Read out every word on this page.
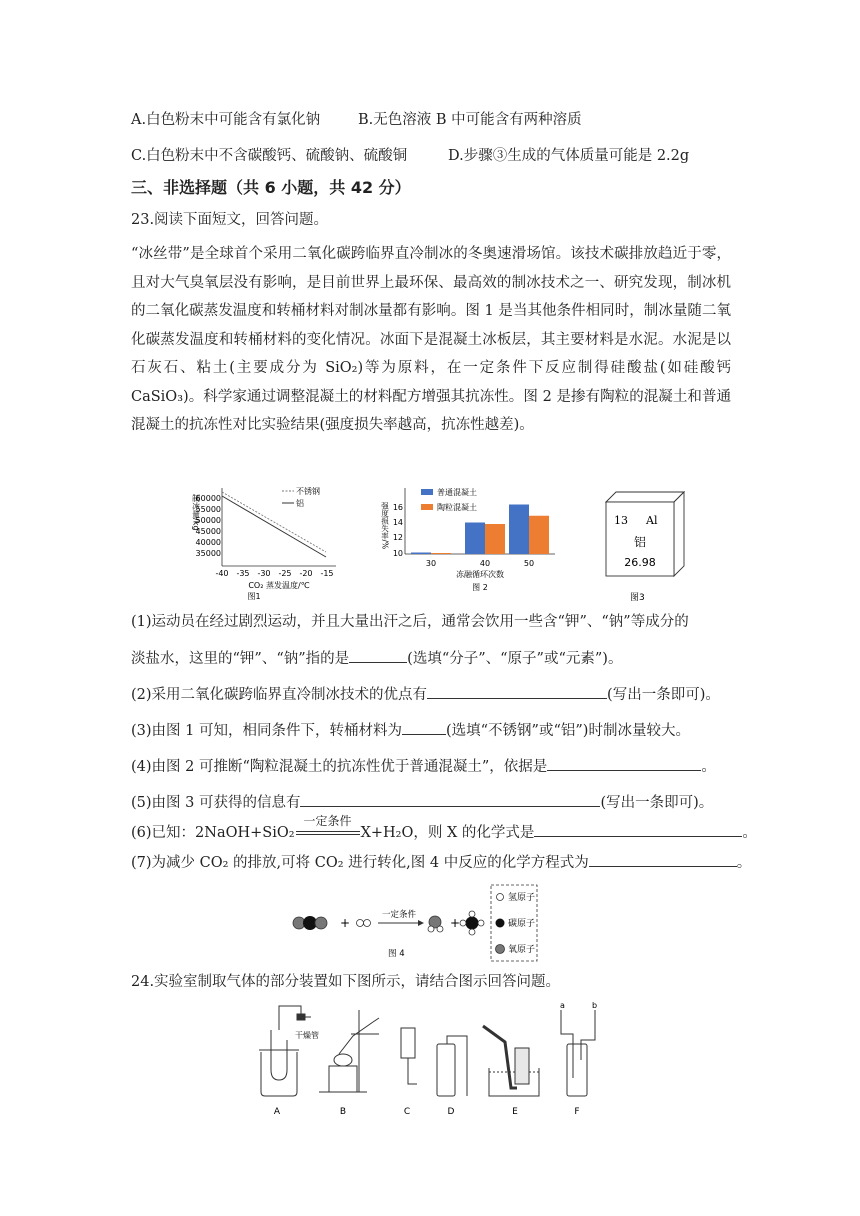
A.白色粉末中可能含有氯化钠	B.无色溶液 B 中可能含有两种溶质
C.白色粉末中不含碳酸钙、硫酸钠、硫酸铜	D.步骤③生成的气体质量可能是 2.2g
三、非选择题（共 6 小题，共 42 分）
23.阅读下面短文，回答问题。
“冰丝带”是全球首个采用二氧化碳跨临界直冷制冰的冬奥速滑场馆。该技术碳排放趋近于零，且对大气臭氧层没有影响，是目前世界上最环保、最高效的制冰技术之一、研究发现，制冰机的二氧化碳蒸发温度和转桶材料对制冰量都有影响。图 1 是当其他条件相同时，制冰量随二氧化碳蒸发温度和转桶材料的变化情况。冰面下是混凝土冰板层，其主要材料是水泥。水泥是以石灰石、粘土(主要成分为 SiO₂)等为原料，在一定条件下反应制得硅酸盐(如硅酸钙 CaSiO₃)。科学家通过调整混凝土的材料配方增强其抗冻性。图 2 是掺有陶粒的混凝土和普通混凝土的抗冻性对比实验结果(强度损失率越高，抗冻性越差)。
不锈钢
铝
60000
55000
50000
45000
40000
35000
制冰量/kg
-40 -35 -30 -25 -20 -15
CO₂ 蒸发温度/℃
图1
普通混凝土
陶粒混凝土
16
14
12
10
强度损失率/%
30	40	50
冻融循环次数
图 2
13 Al
铝
26.98
图3
(1)运动员在经过剧烈运动，并且大量出汗之后，通常会饮用一些含“钾”、“钠”等成分的
淡盐水，这里的“钾”、“钠”指的是	(选填“分子”、“原子”或“元素”)。
(2)采用二氧化碳跨临界直冷制冰技术的优点有	(写出一条即可)。
(3)由图 1 可知，相同条件下，转桶材料为	(选填“不锈钢”或“铝”)时制冰量较大。
(4)由图 2 可推断“陶粒混凝土的抗冻性优于普通混凝土”，依据是	。
(5)由图 3 可获得的信息有	(写出一条即可)。
(6)已知：2NaOH+SiO₂
一定条件
X+H₂O，则 X 的化学式是	。
(7)为减少 CO₂ 的排放,可将 CO₂ 进行转化,图 4 中反应的化学方程式为	。
+
一定条件
+
图 4
氢原子
碳原子
氧原子
24.实验室制取气体的部分装置如下图所示，请结合图示回答问题。
干燥管
a	b
A	B	C	D	E	F
